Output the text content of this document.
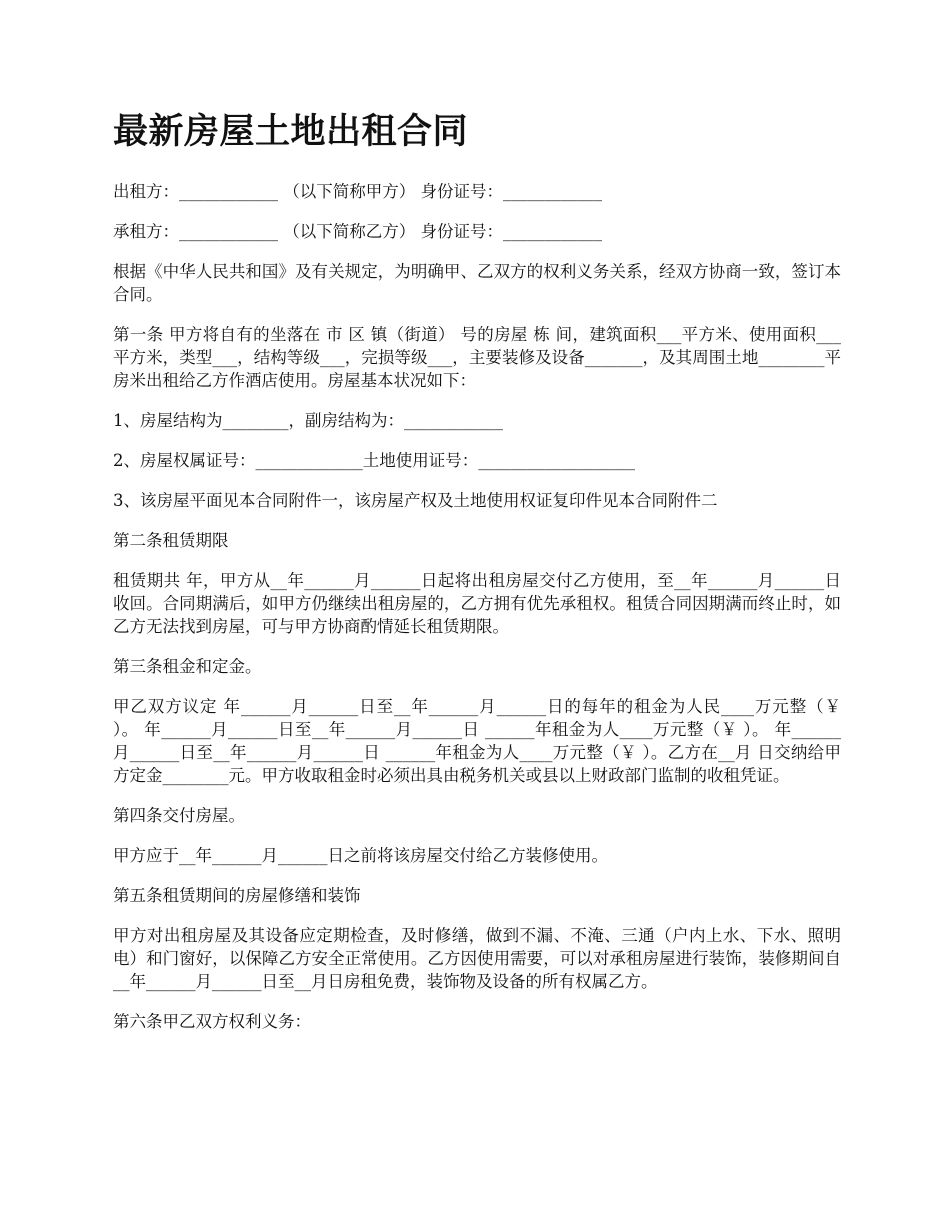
最新房屋土地出租合同

出租方：____________ （以下简称甲方） 身份证号：____________

承租方：____________ （以下简称乙方） 身份证号：____________

根据《中华人民共和国》及有关规定，为明确甲、乙双方的权利义务关系，经双方协商一致，签订本合同。

第一条 甲方将自有的坐落在 市 区 镇（街道） 号的房屋 栋 间，建筑面积___平方米、使用面积___平方米，类型___，结构等级___，完损等级___，主要装修及设备_______，及其周围土地________平房米出租给乙方作酒店使用。房屋基本状况如下：

1、房屋结构为________，副房结构为：____________

2、房屋权属证号：_____________土地使用证号：___________________

3、该房屋平面见本合同附件一，该房屋产权及土地使用权证复印件见本合同附件二

第二条租赁期限

租赁期共 年，甲方从__年______月______日起将出租房屋交付乙方使用，至__年______月______日收回。合同期满后，如甲方仍继续出租房屋的，乙方拥有优先承租权。租赁合同因期满而终止时，如乙方无法找到房屋，可与甲方协商酌情延长租赁期限。

第三条租金和定金。

甲乙双方议定 年______月______日至__年______月______日的每年的租金为人民____万元整（￥ ）。 年______月______日至__年______月______日 ______年租金为人____万元整（￥ ）。 年______月______日至__年______月______日 ______年租金为人____万元整（￥ ）。乙方在__月 日交纳给甲方定金________元。甲方收取租金时必须出具由税务机关或县以上财政部门监制的收租凭证。

第四条交付房屋。

甲方应于__年______月______日之前将该房屋交付给乙方装修使用。

第五条租赁期间的房屋修缮和装饰

甲方对出租房屋及其设备应定期检查，及时修缮，做到不漏、不淹、三通（户内上水、下水、照明电）和门窗好，以保障乙方安全正常使用。乙方因使用需要，可以对承租房屋进行装饰，装修期间自__年______月______日至__月日房租免费，装饰物及设备的所有权属乙方。

第六条甲乙双方权利义务：
